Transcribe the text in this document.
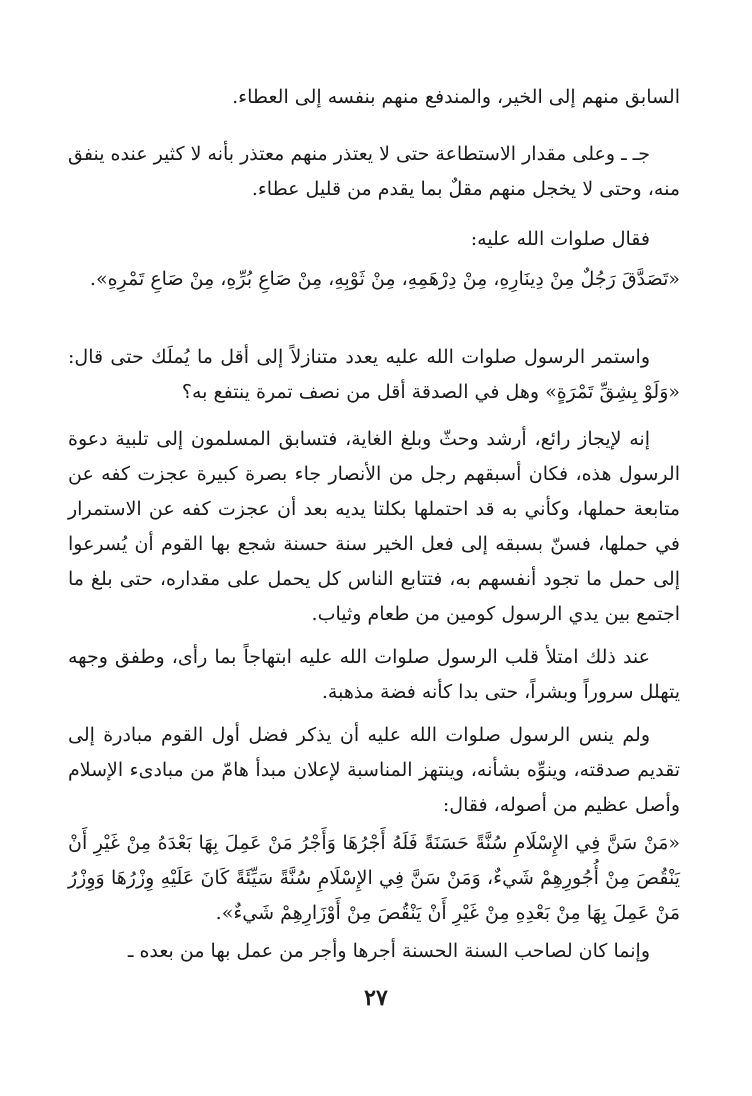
السابق منهم إلى الخير، والمندفع منهم بنفسه إلى العطاء.

جـ ـ وعلى مقدار الاستطاعة حتى لا يعتذر منهم معتذر بأنه لا كثير عنده ينفق منه، وحتى لا يخجل منهم مقلٌ بما يقدم من قليل عطاء.

فقال صلوات الله عليه:

«تَصَدَّقَ رَجُلٌ مِنْ دِينَارِهِ، مِنْ دِرْهَمِهِ، مِنْ ثَوْبِهِ، مِنْ صَاعِ بُرِّهِ، مِنْ صَاعِ تَمْرِهِ».

واستمر الرسول صلوات الله عليه يعدد متنازلاً إلى أقل ما يُملَك حتى قال: «وَلَوْ بِشِقِّ تَمْرَةٍ» وهل في الصدقة أقل من نصف تمرة ينتفع به؟

إنه لإيجاز رائع، أرشد وحثّ وبلغ الغاية، فتسابق المسلمون إلى تلبية دعوة الرسول هذه، فكان أسبقهم رجل من الأنصار جاء بصرة كبيرة عجزت كفه عن متابعة حملها، وكأني به قد احتملها بكلتا يديه بعد أن عجزت كفه عن الاستمرار في حملها، فسنّ بسبقه إلى فعل الخير سنة حسنة شجع بها القوم أن يُسرعوا إلى حمل ما تجود أنفسهم به، فتتابع الناس كل يحمل على مقداره، حتى بلغ ما اجتمع بين يدي الرسول كومين من طعام وثياب.

عند ذلك امتلأ قلب الرسول صلوات الله عليه ابتهاجاً بما رأى، وطفق وجهه يتهلل سروراً وبشراً، حتى بدا كأنه فضة مذهبة.

ولم ينس الرسول صلوات الله عليه أن يذكر فضل أول القوم مبادرة إلى تقديم صدقته، وينوِّه بشأنه، وينتهز المناسبة لإعلان مبدأ هامّ من مبادىء الإسلام وأصل عظيم من أصوله، فقال:

«مَنْ سَنَّ فِي الإِسْلَامِ سُنَّةً حَسَنَةً فَلَهُ أَجْرُهَا وَأَجْرُ مَنْ عَمِلَ بِهَا بَعْدَهُ مِنْ غَيْرِ أَنْ يَنْقُصَ مِنْ أُجُورِهِمْ شَيءٌ، وَمَنْ سَنَّ فِي الإِسْلَامِ سُنَّةً سَيِّئَةً كَانَ عَلَيْهِ وِزْرُهَا وَوِزْرُ مَنْ عَمِلَ بِهَا مِنْ بَعْدِهِ مِنْ غَيْرِ أَنْ يَنْقُصَ مِنْ أَوْزَارِهِمْ شَيءٌ».

وإنما كان لصاحب السنة الحسنة أجرها وأجر من عمل بها من بعده ـ

٢٧
